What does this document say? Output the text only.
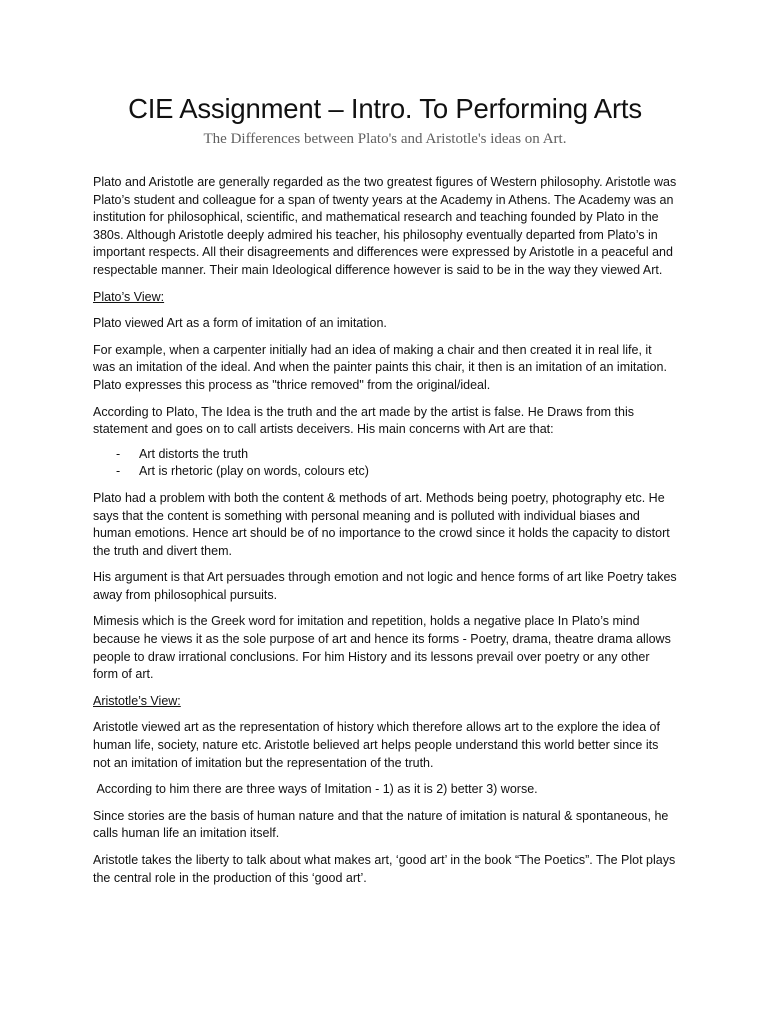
CIE Assignment – Intro. To Performing Arts
The Differences between Plato's and Aristotle's ideas on Art.

Plato and Aristotle are generally regarded as the two greatest figures of Western philosophy. Aristotle was Plato’s student and colleague for a span of twenty years at the Academy in Athens. The Academy was an institution for philosophical, scientific, and mathematical research and teaching founded by Plato in the 380s. Although Aristotle deeply admired his teacher, his philosophy eventually departed from Plato’s in important respects. All their disagreements and differences were expressed by Aristotle in a peaceful and respectable manner. Their main Ideological difference however is said to be in the way they viewed Art.

Plato’s View:

Plato viewed Art as a form of imitation of an imitation.

For example, when a carpenter initially had an idea of making a chair and then created it in real life, it was an imitation of the ideal. And when the painter paints this chair, it then is an imitation of an imitation. Plato expresses this process as "thrice removed" from the original/ideal.

According to Plato, The Idea is the truth and the art made by the artist is false. He Draws from this statement and goes on to call artists deceivers. His main concerns with Art are that:

- Art distorts the truth
- Art is rhetoric (play on words, colours etc)

Plato had a problem with both the content & methods of art. Methods being poetry, photography etc. He says that the content is something with personal meaning and is polluted with individual biases and human emotions. Hence art should be of no importance to the crowd since it holds the capacity to distort the truth and divert them.

His argument is that Art persuades through emotion and not logic and hence forms of art like Poetry takes away from philosophical pursuits.

Mimesis which is the Greek word for imitation and repetition, holds a negative place In Plato’s mind because he views it as the sole purpose of art and hence its forms - Poetry, drama, theatre drama allows people to draw irrational conclusions. For him History and its lessons prevail over poetry or any other form of art.

Aristotle’s View:

Aristotle viewed art as the representation of history which therefore allows art to the explore the idea of human life, society, nature etc. Aristotle believed art helps people understand this world better since its not an imitation of imitation but the representation of the truth.

According to him there are three ways of Imitation - 1) as it is 2) better 3) worse.

Since stories are the basis of human nature and that the nature of imitation is natural & spontaneous, he calls human life an imitation itself.

Aristotle takes the liberty to talk about what makes art, ‘good art’ in the book “The Poetics”. The Plot plays the central role in the production of this ‘good art’.
